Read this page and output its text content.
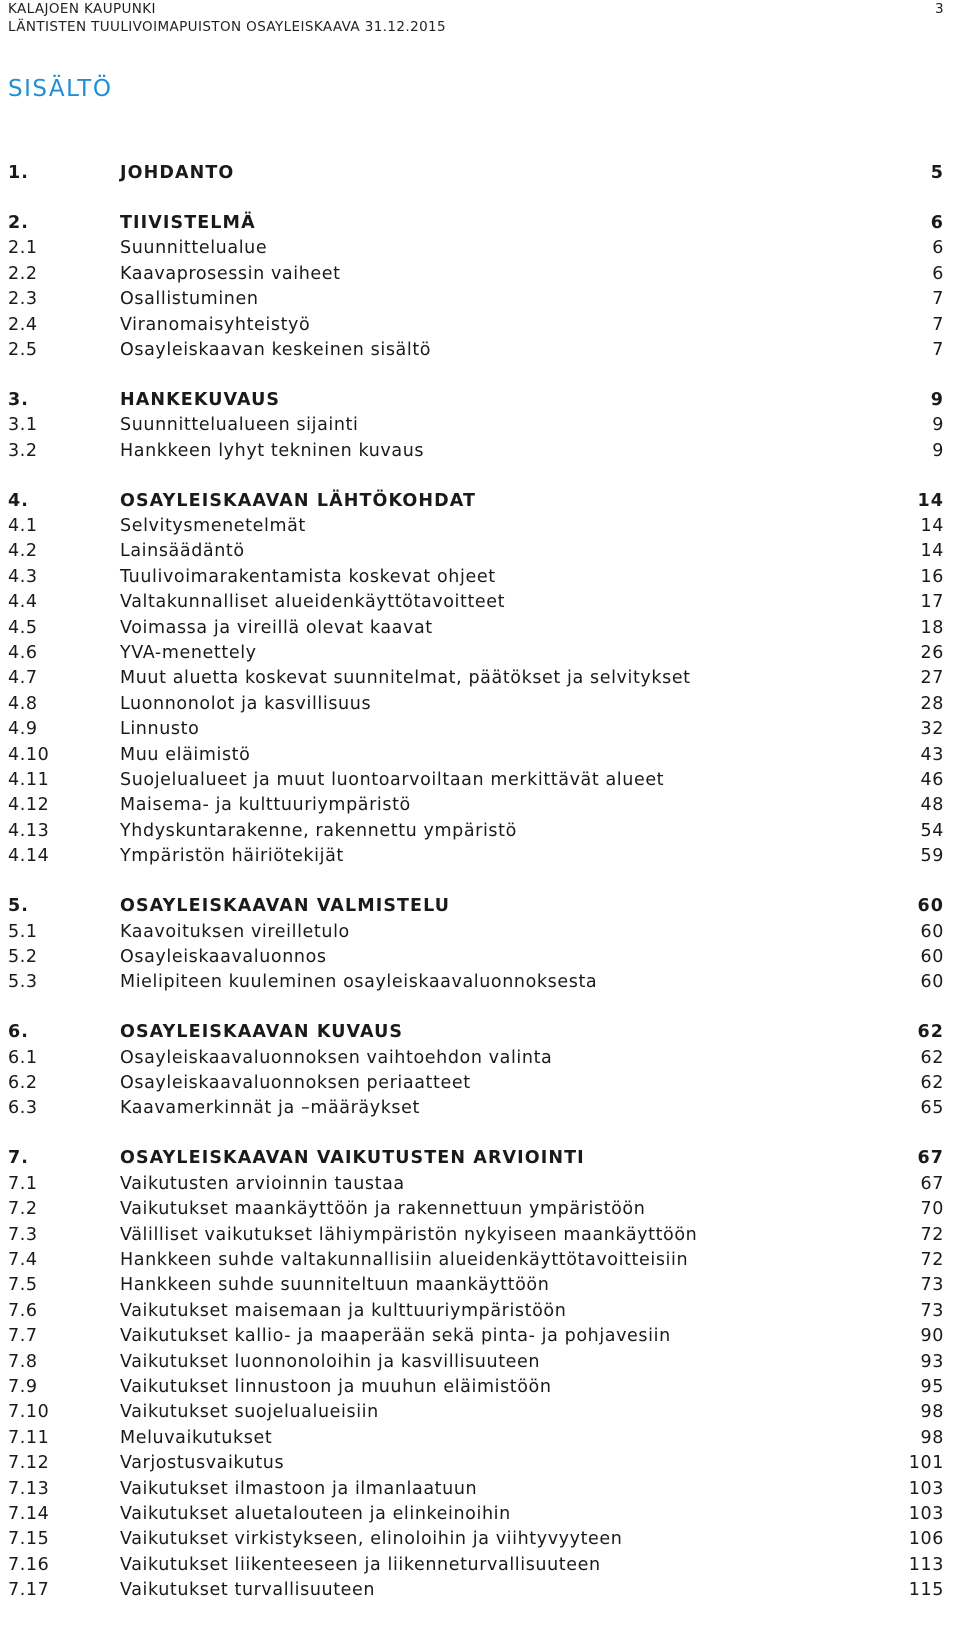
KALAJOEN KAUPUNKI
LÄNTISTEN TUULIVOIMAPUISTON OSAYLEISKAAVA 31.12.2015
3
SISÄLTÖ
1.	JOHDANTO	5
2.	TIIVISTELMÄ	6
2.1	Suunnittelualue	6
2.2	Kaavaprosessin vaiheet	6
2.3	Osallistuminen	7
2.4	Viranomaisyhteistyö	7
2.5	Osayleiskaavan keskeinen sisältö	7
3.	HANKEKUVAUS	9
3.1	Suunnittelualueen sijainti	9
3.2	Hankkeen lyhyt tekninen kuvaus	9
4.	OSAYLEISKAAVAN LÄHTÖKOHDAT	14
4.1	Selvitysmenetelmät	14
4.2	Lainsäädäntö	14
4.3	Tuulivoimarakentamista koskevat ohjeet	16
4.4	Valtakunnalliset alueidenkäyttötavoitteet	17
4.5	Voimassa ja vireillä olevat kaavat	18
4.6	YVA-menettely	26
4.7	Muut aluetta koskevat suunnitelmat, päätökset ja selvitykset	27
4.8	Luonnonolot ja kasvillisuus	28
4.9	Linnusto	32
4.10	Muu eläimistö	43
4.11	Suojelualueet ja muut luontoarvoiltaan merkittävät alueet	46
4.12	Maisema- ja kulttuuriympäristö	48
4.13	Yhdyskuntarakenne, rakennettu ympäristö	54
4.14	Ympäristön häiriötekijät	59
5.	OSAYLEISKAAVAN VALMISTELU	60
5.1	Kaavoituksen vireilletulo	60
5.2	Osayleiskaavaluonnos	60
5.3	Mielipiteen kuuleminen osayleiskaavaluonnoksesta	60
6.	OSAYLEISKAAVAN KUVAUS	62
6.1	Osayleiskaavaluonnoksen vaihtoehdon valinta	62
6.2	Osayleiskaavaluonnoksen periaatteet	62
6.3	Kaavamerkinnät ja –määräykset	65
7.	OSAYLEISKAAVAN VAIKUTUSTEN ARVIOINTI	67
7.1	Vaikutusten arvioinnin taustaa	67
7.2	Vaikutukset maankäyttöön ja rakennettuun ympäristöön	70
7.3	Välilliset vaikutukset lähiympäristön nykyiseen maankäyttöön	72
7.4	Hankkeen suhde valtakunnallisiin alueidenkäyttötavoitteisiin	72
7.5	Hankkeen suhde suunniteltuun maankäyttöön	73
7.6	Vaikutukset maisemaan ja kulttuuriympäristöön	73
7.7	Vaikutukset kallio- ja maaperään sekä pinta- ja pohjavesiin	90
7.8	Vaikutukset luonnonoloihin ja kasvillisuuteen	93
7.9	Vaikutukset linnustoon ja muuhun eläimistöön	95
7.10	Vaikutukset suojelualueisiin	98
7.11	Meluvaikutukset	98
7.12	Varjostusvaikutus	101
7.13	Vaikutukset ilmastoon ja ilmanlaatuun	103
7.14	Vaikutukset aluetalouteen ja elinkeinoihin	103
7.15	Vaikutukset virkistykseen, elinoloihin ja viihtyvyyteen	106
7.16	Vaikutukset liikenteeseen ja liikenneturvallisuuteen	113
7.17	Vaikutukset turvallisuuteen	115
